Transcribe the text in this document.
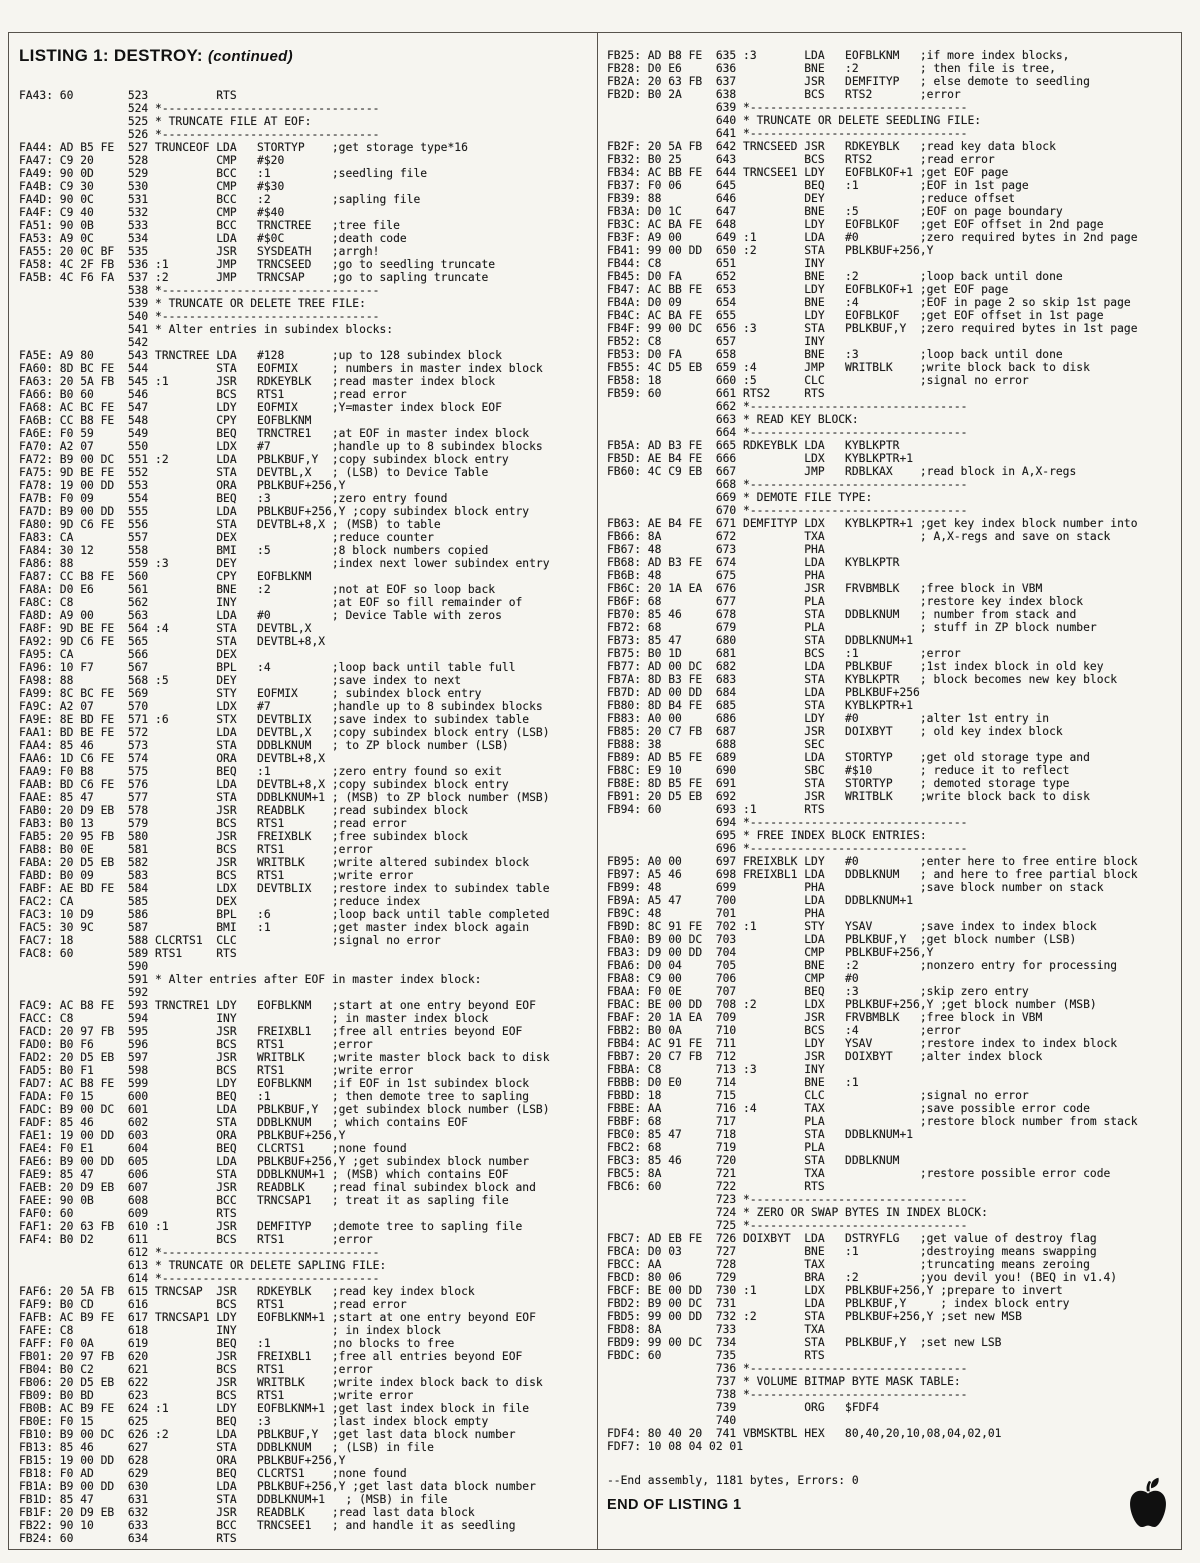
LISTING 1: DESTROY: (continued)
FA43: 60        523          RTS
524 *--------------------------------
525 * TRUNCATE FILE AT EOF:
526 *--------------------------------
FA44: AD B5 FE  527 TRUNCEOF LDA   STORTYP    ;get storage type*16
FA47: C9 20     528          CMP   #$20
FA49: 90 0D     529          BCC   :1         ;seedling file
FA4B: C9 30     530          CMP   #$30
FA4D: 90 0C     531          BCC   :2         ;sapling file
FA4F: C9 40     532          CMP   #$40
FA51: 90 0B     533          BCC   TRNCTREE   ;tree file
FA53: A9 0C     534          LDA   #$0C       ;death code
FA55: 20 0C BF  535          JSR   SYSDEATH   ;arrgh!
FA58: 4C 2F FB  536 :1       JMP   TRNCSEED   ;go to seedling truncate
FA5B: 4C F6 FA  537 :2       JMP   TRNCSAP    ;go to sapling truncate
538 *--------------------------------
539 * TRUNCATE OR DELETE TREE FILE:
540 *--------------------------------
541 * Alter entries in subindex blocks:
542
FA5E: A9 80     543 TRNCTREE LDA   #128       ;up to 128 subindex block
FA60: 8D BC FE  544          STA   EOFMIX     ; numbers in master index block
FA63: 20 5A FB  545 :1       JSR   RDKEYBLK   ;read master index block
FA66: B0 60     546          BCS   RTS1       ;read error
FA68: AC BC FE  547          LDY   EOFMIX     ;Y=master index block EOF
FA6B: CC B8 FE  548          CPY   EOFBLKNM
FA6E: F0 59     549          BEQ   TRNCTRE1   ;at EOF in master index block
FA70: A2 07     550          LDX   #7         ;handle up to 8 subindex blocks
FA72: B9 00 DC  551 :2       LDA   PBLKBUF,Y  ;copy subindex block entry
FA75: 9D BE FE  552          STA   DEVTBL,X   ; (LSB) to Device Table
FA78: 19 00 DD  553          ORA   PBLKBUF+256,Y
FA7B: F0 09     554          BEQ   :3         ;zero entry found
FA7D: B9 00 DD  555          LDA   PBLKBUF+256,Y ;copy subindex block entry
FA80: 9D C6 FE  556          STA   DEVTBL+8,X ; (MSB) to table
FA83: CA        557          DEX              ;reduce counter
FA84: 30 12     558          BMI   :5         ;8 block numbers copied
FA86: 88        559 :3       DEY              ;index next lower subindex entry
FA87: CC B8 FE  560          CPY   EOFBLKNM
FA8A: D0 E6     561          BNE   :2         ;not at EOF so loop back
FA8C: C8        562          INY              ;at EOF so fill remainder of
FA8D: A9 00     563          LDA   #0         ; Device Table with zeros
FA8F: 9D BE FE  564 :4       STA   DEVTBL,X
FA92: 9D C6 FE  565          STA   DEVTBL+8,X
FA95: CA        566          DEX
FA96: 10 F7     567          BPL   :4         ;loop back until table full
FA98: 88        568 :5       DEY              ;save index to next
FA99: 8C BC FE  569          STY   EOFMIX     ; subindex block entry
FA9C: A2 07     570          LDX   #7         ;handle up to 8 subindex blocks
FA9E: 8E BD FE  571 :6       STX   DEVTBLIX   ;save index to subindex table
FAA1: BD BE FE  572          LDA   DEVTBL,X   ;copy subindex block entry (LSB)
FAA4: 85 46     573          STA   DDBLKNUM   ; to ZP block number (LSB)
FAA6: 1D C6 FE  574          ORA   DEVTBL+8,X
FAA9: F0 B8     575          BEQ   :1         ;zero entry found so exit
FAAB: BD C6 FE  576          LDA   DEVTBL+8,X ;copy subindex block entry
FAAE: 85 47     577          STA   DDBLKNUM+1 ; (MSB) to ZP block number (MSB)
FAB0: 20 D9 EB  578          JSR   READBLK    ;read subindex block
FAB3: B0 13     579          BCS   RTS1       ;read error
FAB5: 20 95 FB  580          JSR   FREIXBLK   ;free subindex block
FAB8: B0 0E     581          BCS   RTS1       ;error
FABA: 20 D5 EB  582          JSR   WRITBLK    ;write altered subindex block
FABD: B0 09     583          BCS   RTS1       ;write error
FABF: AE BD FE  584          LDX   DEVTBLIX   ;restore index to subindex table
FAC2: CA        585          DEX              ;reduce index
FAC3: 10 D9     586          BPL   :6         ;loop back until table completed
FAC5: 30 9C     587          BMI   :1         ;get master index block again
FAC7: 18        588 CLCRTS1  CLC              ;signal no error
FAC8: 60        589 RTS1     RTS
590
591 * Alter entries after EOF in master index block:
592
FAC9: AC B8 FE  593 TRNCTRE1 LDY   EOFBLKNM   ;start at one entry beyond EOF
FACC: C8        594          INY              ; in master index block
FACD: 20 97 FB  595          JSR   FREIXBL1   ;free all entries beyond EOF
FAD0: B0 F6     596          BCS   RTS1       ;error
FAD2: 20 D5 EB  597          JSR   WRITBLK    ;write master block back to disk
FAD5: B0 F1     598          BCS   RTS1       ;write error
FAD7: AC B8 FE  599          LDY   EOFBLKNM   ;if EOF in 1st subindex block
FADA: F0 15     600          BEQ   :1         ; then demote tree to sapling
FADC: B9 00 DC  601          LDA   PBLKBUF,Y  ;get subindex block number (LSB)
FADF: 85 46     602          STA   DDBLKNUM   ; which contains EOF
FAE1: 19 00 DD  603          ORA   PBLKBUF+256,Y
FAE4: F0 E1     604          BEQ   CLCRTS1    ;none found
FAE6: B9 00 DD  605          LDA   PBLKBUF+256,Y ;get subindex block number
FAE9: 85 47     606          STA   DDBLKNUM+1 ; (MSB) which contains EOF
FAEB: 20 D9 EB  607          JSR   READBLK    ;read final subindex block and
FAEE: 90 0B     608          BCC   TRNCSAP1   ; treat it as sapling file
FAF0: 60        609          RTS
FAF1: 20 63 FB  610 :1       JSR   DEMFITYP   ;demote tree to sapling file
FAF4: B0 D2     611          BCS   RTS1       ;error
612 *--------------------------------
613 * TRUNCATE OR DELETE SAPLING FILE:
614 *--------------------------------
FAF6: 20 5A FB  615 TRNCSAP  JSR   RDKEYBLK   ;read key index block
FAF9: B0 CD     616          BCS   RTS1       ;read error
FAFB: AC B9 FE  617 TRNCSAP1 LDY   EOFBLKNM+1 ;start at one entry beyond EOF
FAFE: C8        618          INY              ; in index block
FAFF: F0 0A     619          BEQ   :1         ;no blocks to free
FB01: 20 97 FB  620          JSR   FREIXBL1   ;free all entries beyond EOF
FB04: B0 C2     621          BCS   RTS1       ;error
FB06: 20 D5 EB  622          JSR   WRITBLK    ;write index block back to disk
FB09: B0 BD     623          BCS   RTS1       ;write error
FB0B: AC B9 FE  624 :1       LDY   EOFBLKNM+1 ;get last index block in file
FB0E: F0 15     625          BEQ   :3         ;last index block empty
FB10: B9 00 DC  626 :2       LDA   PBLKBUF,Y  ;get last data block number
FB13: 85 46     627          STA   DDBLKNUM   ; (LSB) in file
FB15: 19 00 DD  628          ORA   PBLKBUF+256,Y
FB18: F0 AD     629          BEQ   CLCRTS1    ;none found
FB1A: B9 00 DD  630          LDA   PBLKBUF+256,Y ;get last data block number
FB1D: 85 47     631          STA   DDBLKNUM+1   ; (MSB) in file
FB1F: 20 D9 EB  632          JSR   READBLK    ;read last data block
FB22: 90 10     633          BCC   TRNCSEE1   ; and handle it as seedling
FB24: 60        634          RTS
FB25: AD B8 FE  635 :3       LDA   EOFBLKNM   ;if more index blocks,
FB28: D0 E6     636          BNE   :2         ; then file is tree,
FB2A: 20 63 FB  637          JSR   DEMFITYP   ; else demote to seedling
FB2D: B0 2A     638          BCS   RTS2       ;error
639 *--------------------------------
640 * TRUNCATE OR DELETE SEEDLING FILE:
641 *--------------------------------
FB2F: 20 5A FB  642 TRNCSEED JSR   RDKEYBLK   ;read key data block
FB32: B0 25     643          BCS   RTS2       ;read error
FB34: AC BB FE  644 TRNCSEE1 LDY   EOFBLKOF+1 ;get EOF page
FB37: F0 06     645          BEQ   :1         ;EOF in 1st page
FB39: 88        646          DEY              ;reduce offset
FB3A: D0 1C     647          BNE   :5         ;EOF on page boundary
FB3C: AC BA FE  648          LDY   EOFBLKOF   ;get EOF offset in 2nd page
FB3F: A9 00     649 :1       LDA   #0         ;zero required bytes in 2nd page
FB41: 99 00 DD  650 :2       STA   PBLKBUF+256,Y
FB44: C8        651          INY
FB45: D0 FA     652          BNE   :2         ;loop back until done
FB47: AC BB FE  653          LDY   EOFBLKOF+1 ;get EOF page
FB4A: D0 09     654          BNE   :4         ;EOF in page 2 so skip 1st page
FB4C: AC BA FE  655          LDY   EOFBLKOF   ;get EOF offset in 1st page
FB4F: 99 00 DC  656 :3       STA   PBLKBUF,Y  ;zero required bytes in 1st page
FB52: C8        657          INY
FB53: D0 FA     658          BNE   :3         ;loop back until done
FB55: 4C D5 EB  659 :4       JMP   WRITBLK    ;write block back to disk
FB58: 18        660 :5       CLC              ;signal no error
FB59: 60        661 RTS2     RTS
662 *--------------------------------
663 * READ KEY BLOCK:
664 *--------------------------------
FB5A: AD B3 FE  665 RDKEYBLK LDA   KYBLKPTR
FB5D: AE B4 FE  666          LDX   KYBLKPTR+1
FB60: 4C C9 EB  667          JMP   RDBLKAX    ;read block in A,X-regs
668 *--------------------------------
669 * DEMOTE FILE TYPE:
670 *--------------------------------
FB63: AE B4 FE  671 DEMFITYP LDX   KYBLKPTR+1 ;get key index block number into
FB66: 8A        672          TXA              ; A,X-regs and save on stack
FB67: 48        673          PHA
FB68: AD B3 FE  674          LDA   KYBLKPTR
FB6B: 48        675          PHA
FB6C: 20 1A EA  676          JSR   FRVBMBLK   ;free block in VBM
FB6F: 68        677          PLA              ;restore key index block
FB70: 85 46     678          STA   DDBLKNUM   ; number from stack and
FB72: 68        679          PLA              ; stuff in ZP block number
FB73: 85 47     680          STA   DDBLKNUM+1
FB75: B0 1D     681          BCS   :1         ;error
FB77: AD 00 DC  682          LDA   PBLKBUF    ;1st index block in old key
FB7A: 8D B3 FE  683          STA   KYBLKPTR   ; block becomes new key block
FB7D: AD 00 DD  684          LDA   PBLKBUF+256
FB80: 8D B4 FE  685          STA   KYBLKPTR+1
FB83: A0 00     686          LDY   #0         ;alter 1st entry in
FB85: 20 C7 FB  687          JSR   DOIXBYT    ; old key index block
FB88: 38        688          SEC
FB89: AD B5 FE  689          LDA   STORTYP    ;get old storage type and
FB8C: E9 10     690          SBC   #$10       ; reduce it to reflect
FB8E: 8D B5 FE  691          STA   STORTYP    ; demoted storage type
FB91: 20 D5 EB  692          JSR   WRITBLK    ;write block back to disk
FB94: 60        693 :1       RTS
694 *--------------------------------
695 * FREE INDEX BLOCK ENTRIES:
696 *--------------------------------
FB95: A0 00     697 FREIXBLK LDY   #0         ;enter here to free entire block
FB97: A5 46     698 FREIXBL1 LDA   DDBLKNUM   ; and here to free partial block
FB99: 48        699          PHA              ;save block number on stack
FB9A: A5 47     700          LDA   DDBLKNUM+1
FB9C: 48        701          PHA
FB9D: 8C 91 FE  702 :1       STY   YSAV       ;save index to index block
FBA0: B9 00 DC  703          LDA   PBLKBUF,Y  ;get block number (LSB)
FBA3: D9 00 DD  704          CMP   PBLKBUF+256,Y
FBA6: D0 04     705          BNE   :2         ;nonzero entry for processing
FBA8: C9 00     706          CMP   #0
FBAA: F0 0E     707          BEQ   :3         ;skip zero entry
FBAC: BE 00 DD  708 :2       LDX   PBLKBUF+256,Y ;get block number (MSB)
FBAF: 20 1A EA  709          JSR   FRVBMBLK   ;free block in VBM
FBB2: B0 0A     710          BCS   :4         ;error
FBB4: AC 91 FE  711          LDY   YSAV       ;restore index to index block
FBB7: 20 C7 FB  712          JSR   DOIXBYT    ;alter index block
FBBA: C8        713 :3       INY
FBBB: D0 E0     714          BNE   :1
FBBD: 18        715          CLC              ;signal no error
FBBE: AA        716 :4       TAX              ;save possible error code
FBBF: 68        717          PLA              ;restore block number from stack
FBC0: 85 47     718          STA   DDBLKNUM+1
FBC2: 68        719          PLA
FBC3: 85 46     720          STA   DDBLKNUM
FBC5: 8A        721          TXA              ;restore possible error code
FBC6: 60        722          RTS
723 *--------------------------------
724 * ZERO OR SWAP BYTES IN INDEX BLOCK:
725 *--------------------------------
FBC7: AD EB FE  726 DOIXBYT  LDA   DSTRYFLG   ;get value of destroy flag
FBCA: D0 03     727          BNE   :1         ;destroying means swapping
FBCC: AA        728          TAX              ;truncating means zeroing
FBCD: 80 06     729          BRA   :2         ;you devil you! (BEQ in v1.4)
FBCF: BE 00 DD  730 :1       LDX   PBLKBUF+256,Y ;prepare to invert
FBD2: B9 00 DC  731          LDA   PBLKBUF,Y     ; index block entry
FBD5: 99 00 DD  732 :2       STA   PBLKBUF+256,Y ;set new MSB
FBD8: 8A        733          TXA
FBD9: 99 00 DC  734          STA   PBLKBUF,Y  ;set new LSB
FBDC: 60        735          RTS
736 *--------------------------------
737 * VOLUME BITMAP BYTE MASK TABLE:
738 *--------------------------------
739          ORG   $FDF4
740
FDF4: 80 40 20  741 VBMSKTBL HEX   80,40,20,10,08,04,02,01
FDF7: 10 08 04 02 01
--End assembly, 1181 bytes, Errors: 0
END OF LISTING 1
